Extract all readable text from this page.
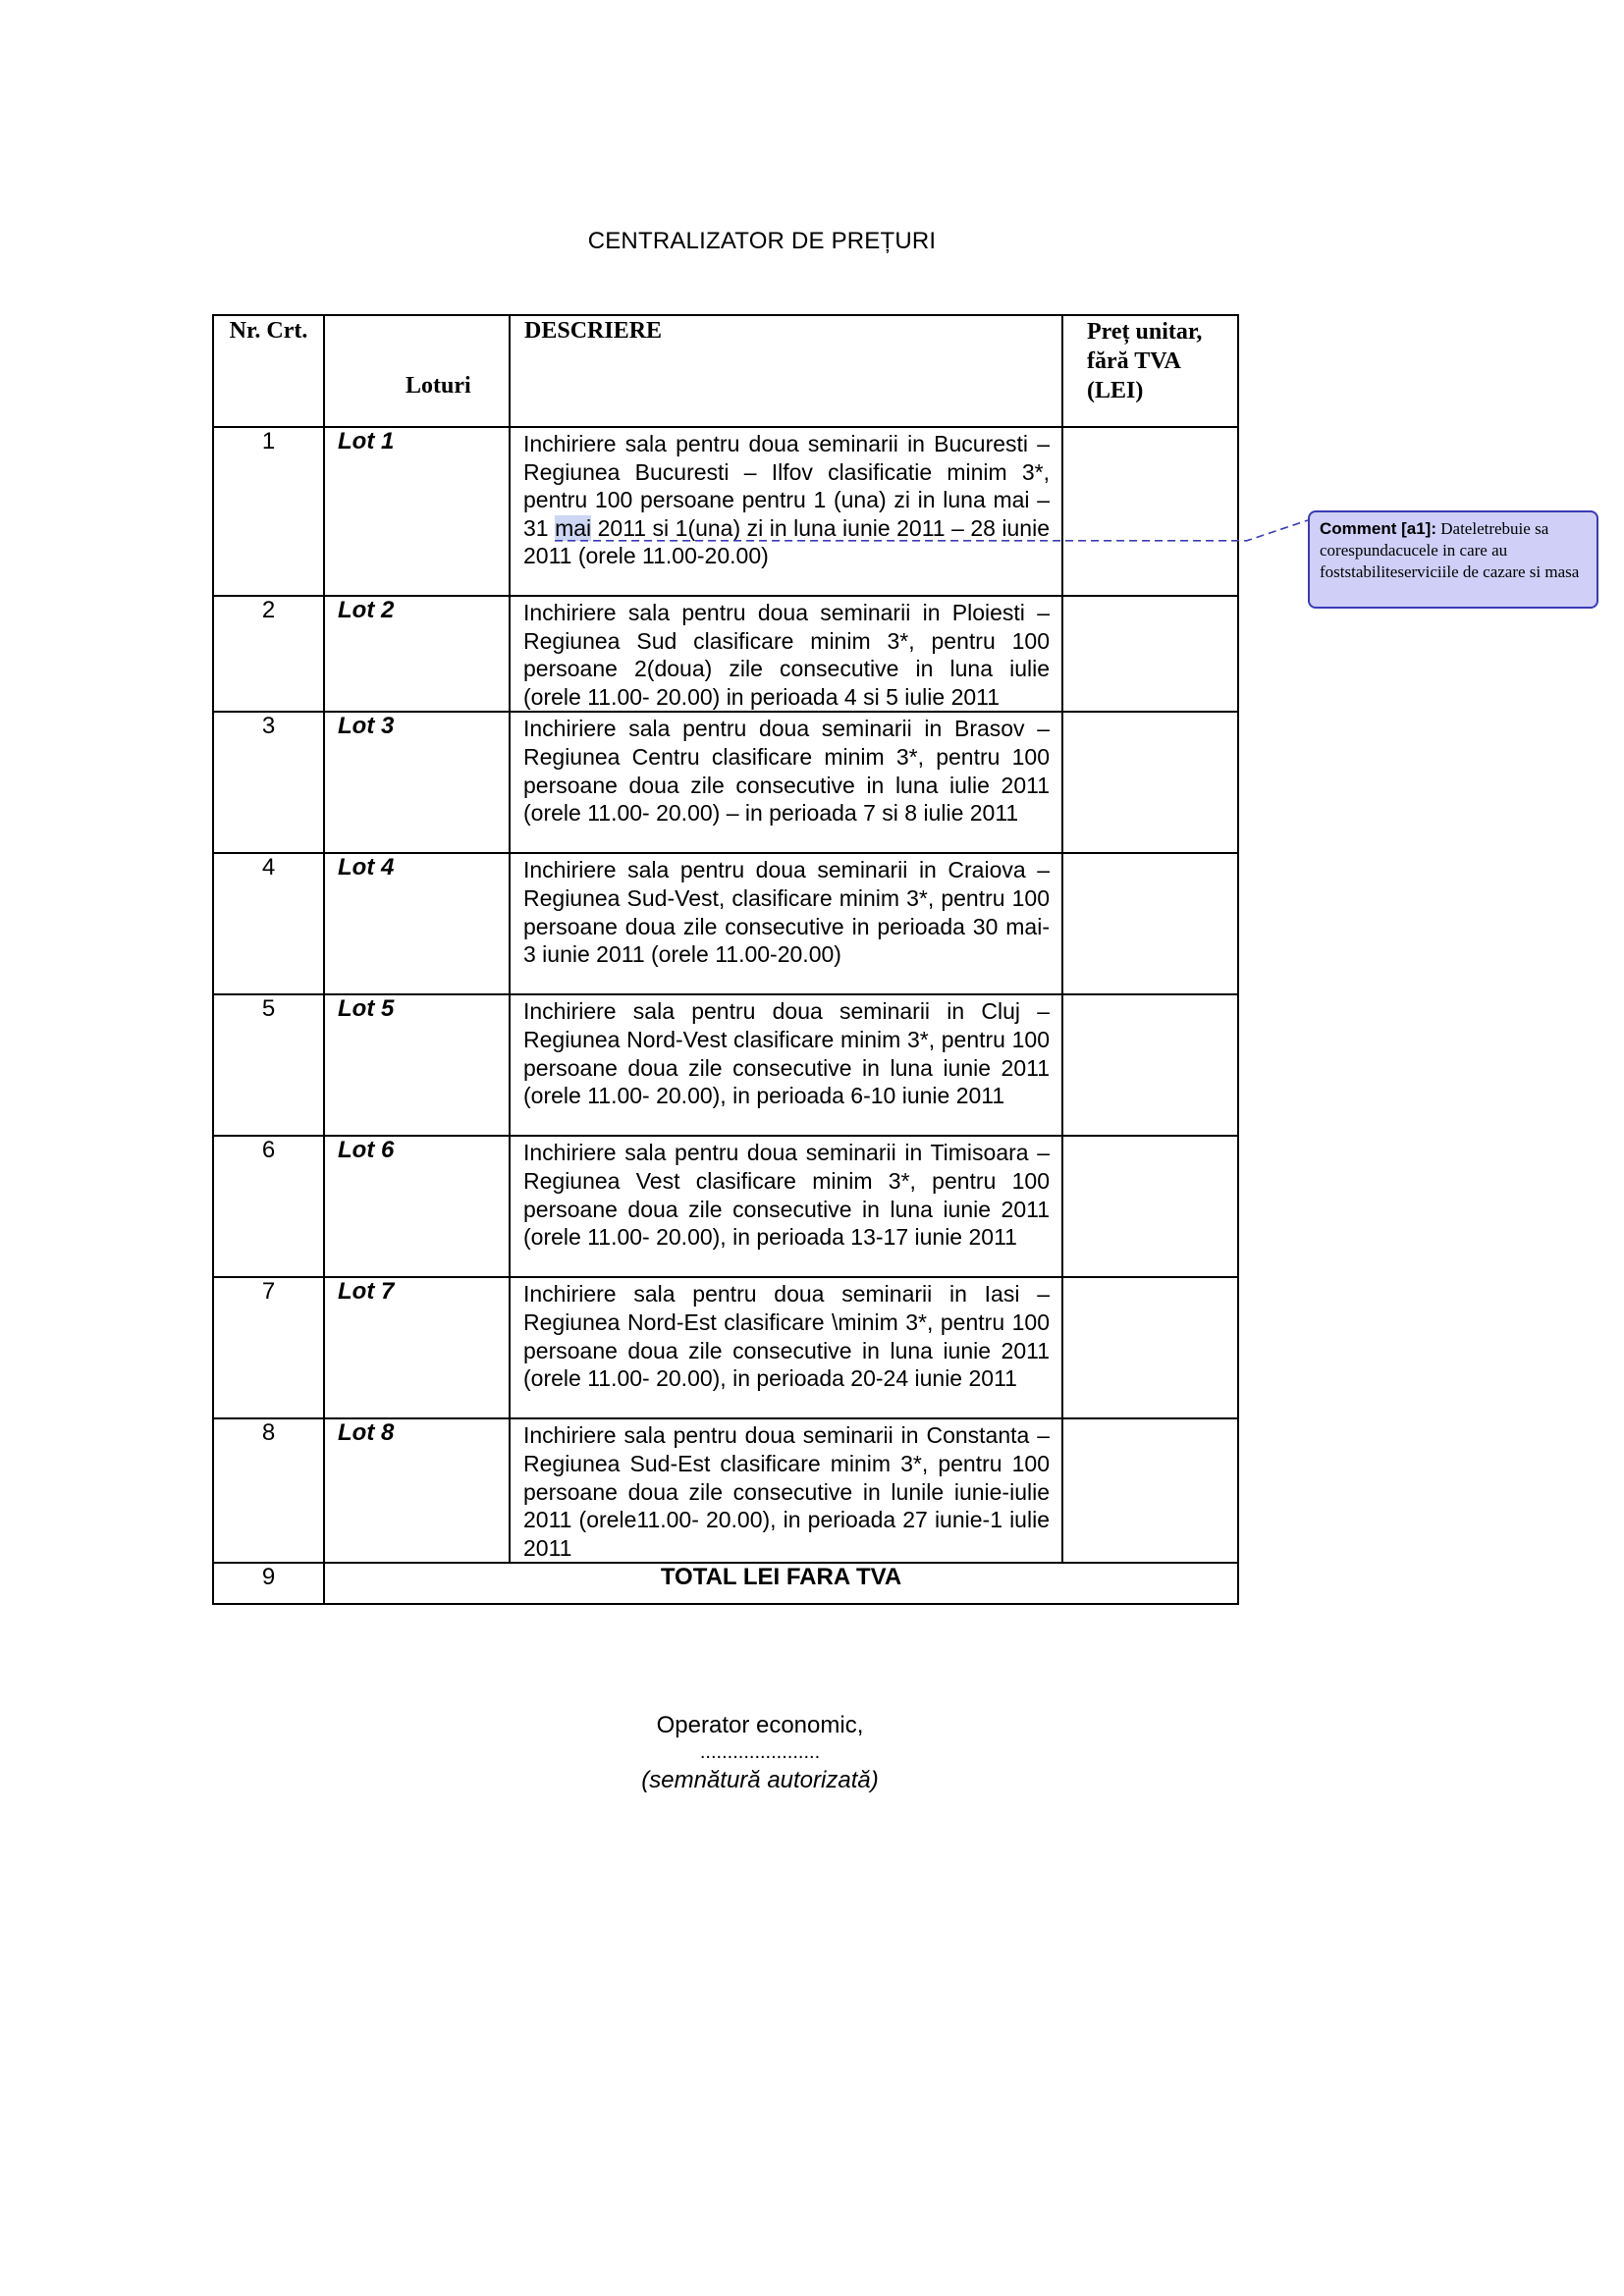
CENTRALIZATOR DE PREȚURI
Nr. Crt.	Loturi	DESCRIERE	Preț unitar,
fără TVA
(LEI)

1	Lot 1	Inchiriere sala pentru doua seminarii in Bucuresti – Regiunea Bucuresti – Ilfov clasificatie minim 3*, pentru 100 persoane pentru 1 (una) zi in luna mai – 31 mai 2011 si 1(una) zi in luna iunie 2011 – 28 iunie 2011 (orele 11.00-20.00)	
2	Lot 2	Inchiriere sala pentru doua seminarii in Ploiesti – Regiunea Sud clasificare minim 3*, pentru 100 persoane 2(doua) zile consecutive in luna iulie (orele 11.00- 20.00) in perioada 4 si 5 iulie 2011	
3	Lot 3	Inchiriere sala pentru doua seminarii in Brasov – Regiunea Centru clasificare minim 3*, pentru 100 persoane doua zile consecutive in luna iulie 2011 (orele 11.00- 20.00) – in perioada 7 si 8 iulie 2011	
4	Lot 4	Inchiriere sala pentru doua seminarii in Craiova – Regiunea Sud-Vest, clasificare minim 3*, pentru 100 persoane doua zile consecutive in perioada 30 mai-3 iunie 2011 (orele 11.00-20.00)	
5	Lot 5	Inchiriere sala pentru doua seminarii in Cluj – Regiunea Nord-Vest clasificare minim 3*, pentru 100 persoane doua zile consecutive in luna iunie 2011 (orele 11.00- 20.00), in perioada 6-10 iunie 2011	
6	Lot 6	Inchiriere sala pentru doua seminarii in Timisoara – Regiunea Vest clasificare minim 3*, pentru 100 persoane doua zile consecutive in luna iunie 2011 (orele 11.00- 20.00), in perioada 13-17 iunie 2011	
7	Lot 7	Inchiriere sala pentru doua seminarii in Iasi – Regiunea Nord-Est clasificare \minim 3*, pentru 100 persoane doua zile consecutive in luna iunie 2011 (orele 11.00- 20.00), in perioada 20-24 iunie 2011	
8	Lot 8	Inchiriere sala pentru doua seminarii in Constanta – Regiunea Sud-Est clasificare minim 3*, pentru 100 persoane doua zile consecutive in lunile iunie-iulie 2011 (orele11.00- 20.00), in perioada 27 iunie-1 iulie 2011	
9	TOTAL LEI FARA TVA		
Operator economic,
......................
(semnătură autorizată)
Comment [a1]: Dateletrebuie sa corespundacucele in care au foststabiliteserviciile de cazare si masa
